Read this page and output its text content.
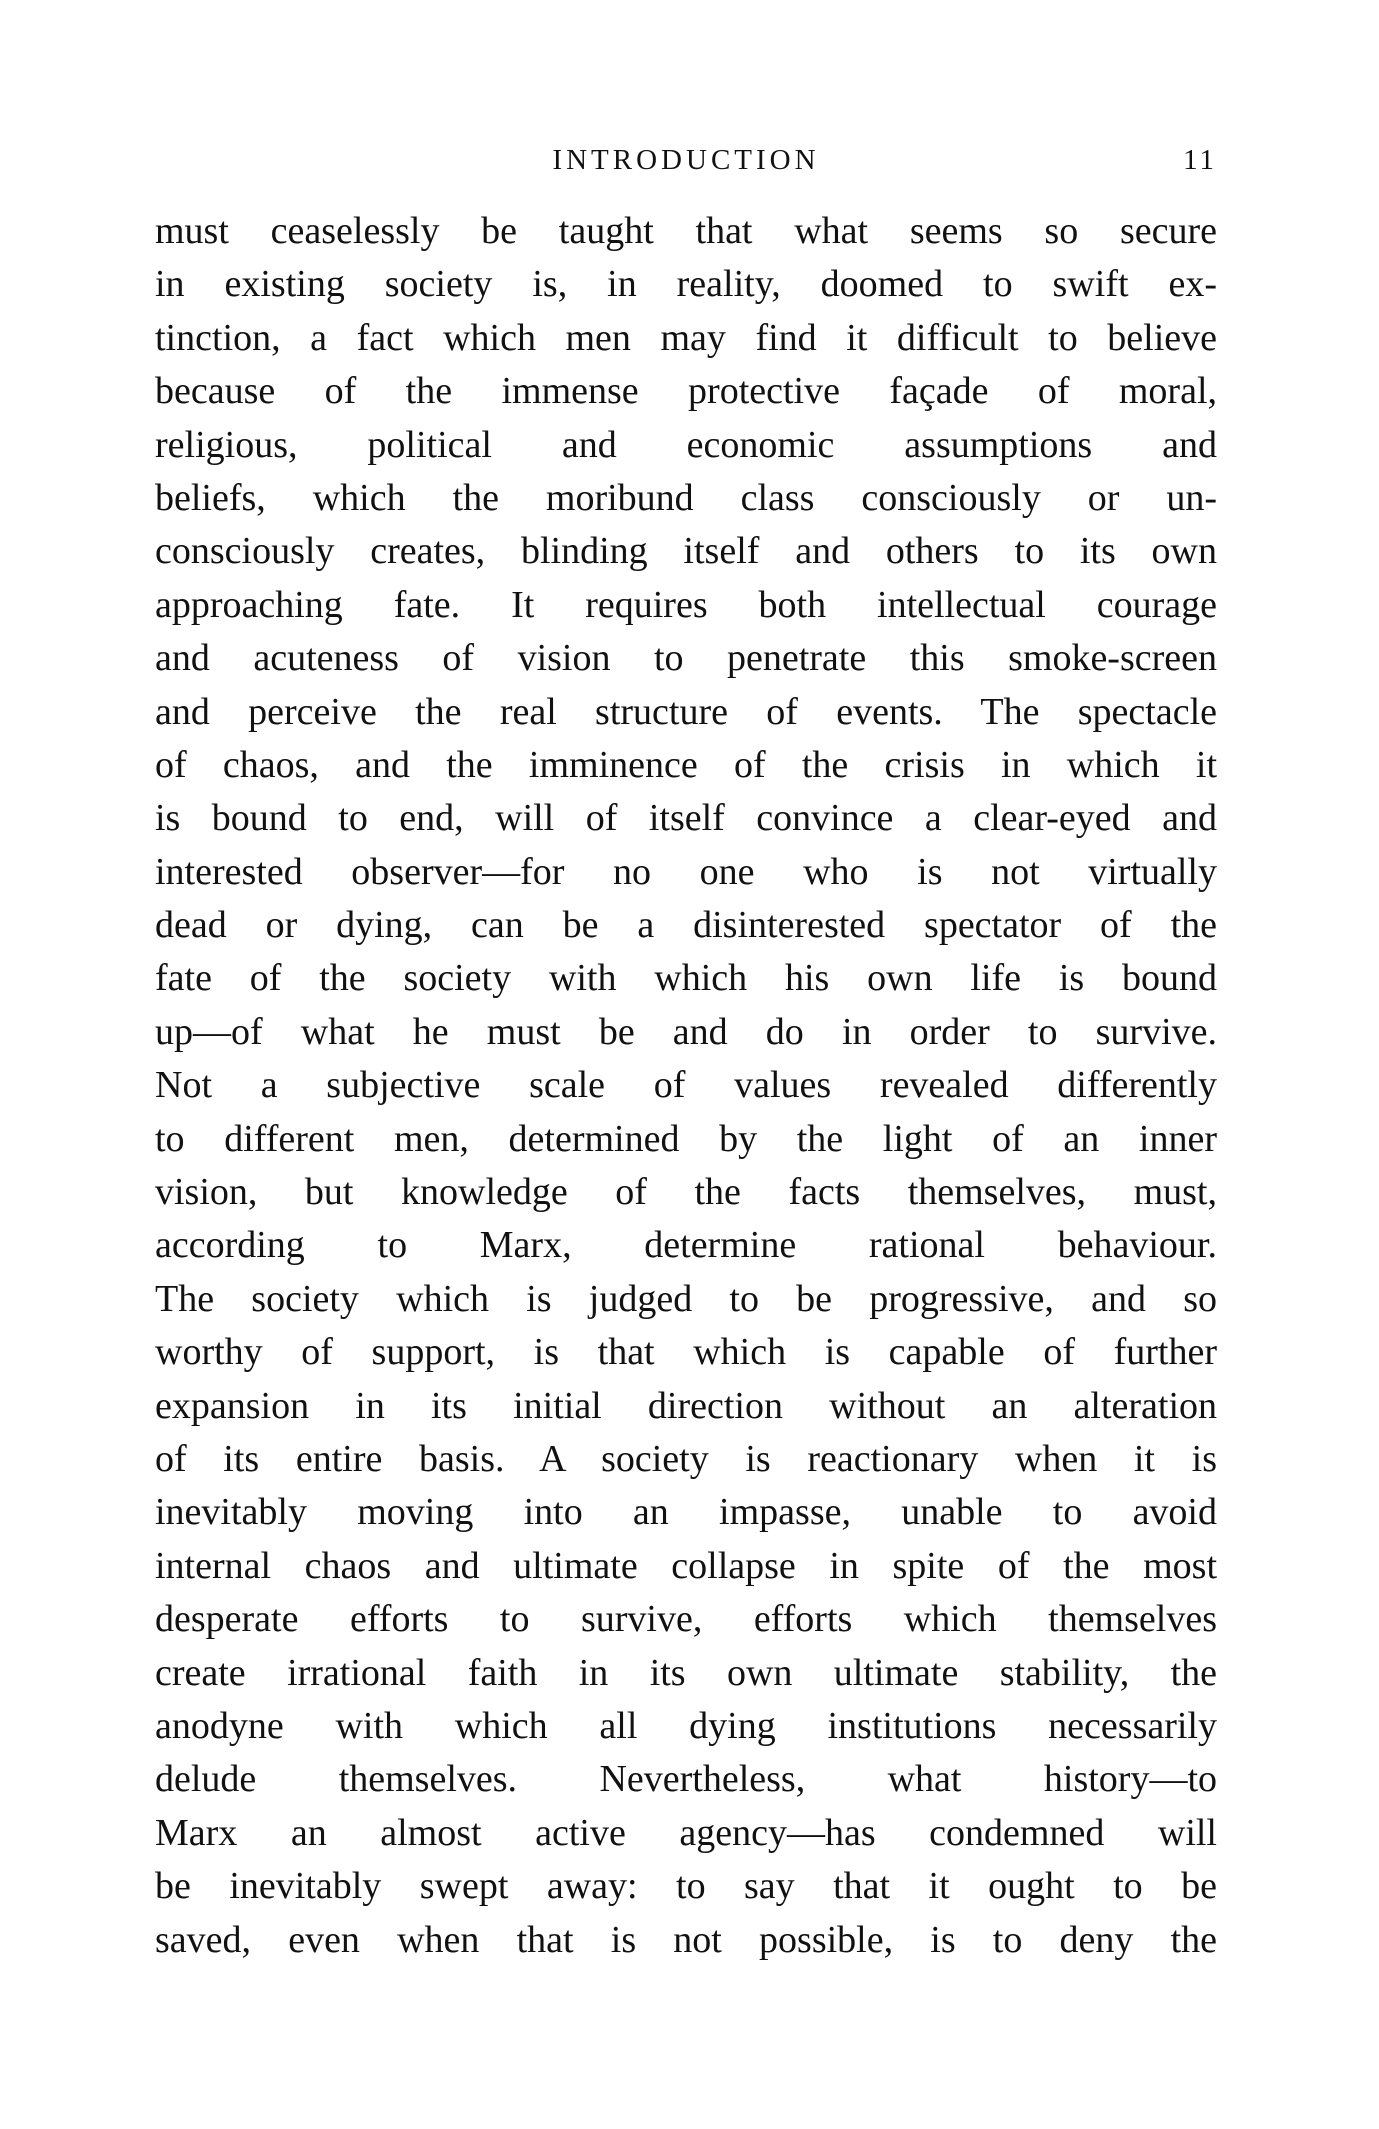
INTRODUCTION	11
must ceaselessly be taught that what seems so secure
in existing society is, in reality, doomed to swift ex-
tinction, a fact which men may find it difficult to believe
because of the immense protective façade of moral,
religious, political and economic assumptions and
beliefs, which the moribund class consciously or un-
consciously creates, blinding itself and others to its own
approaching fate. It requires both intellectual courage
and acuteness of vision to penetrate this smoke-screen
and perceive the real structure of events. The spectacle
of chaos, and the imminence of the crisis in which it
is bound to end, will of itself convince a clear-eyed and
interested observer—for no one who is not virtually
dead or dying, can be a disinterested spectator of the
fate of the society with which his own life is bound
up—of what he must be and do in order to survive.
Not a subjective scale of values revealed differently
to different men, determined by the light of an inner
vision, but knowledge of the facts themselves, must,
according to Marx, determine rational behaviour.
The society which is judged to be progressive, and so
worthy of support, is that which is capable of further
expansion in its initial direction without an alteration
of its entire basis. A society is reactionary when it is
inevitably moving into an impasse, unable to avoid
internal chaos and ultimate collapse in spite of the most
desperate efforts to survive, efforts which themselves
create irrational faith in its own ultimate stability, the
anodyne with which all dying institutions necessarily
delude themselves. Nevertheless, what history—to
Marx an almost active agency—has condemned will
be inevitably swept away: to say that it ought to be
saved, even when that is not possible, is to deny the
